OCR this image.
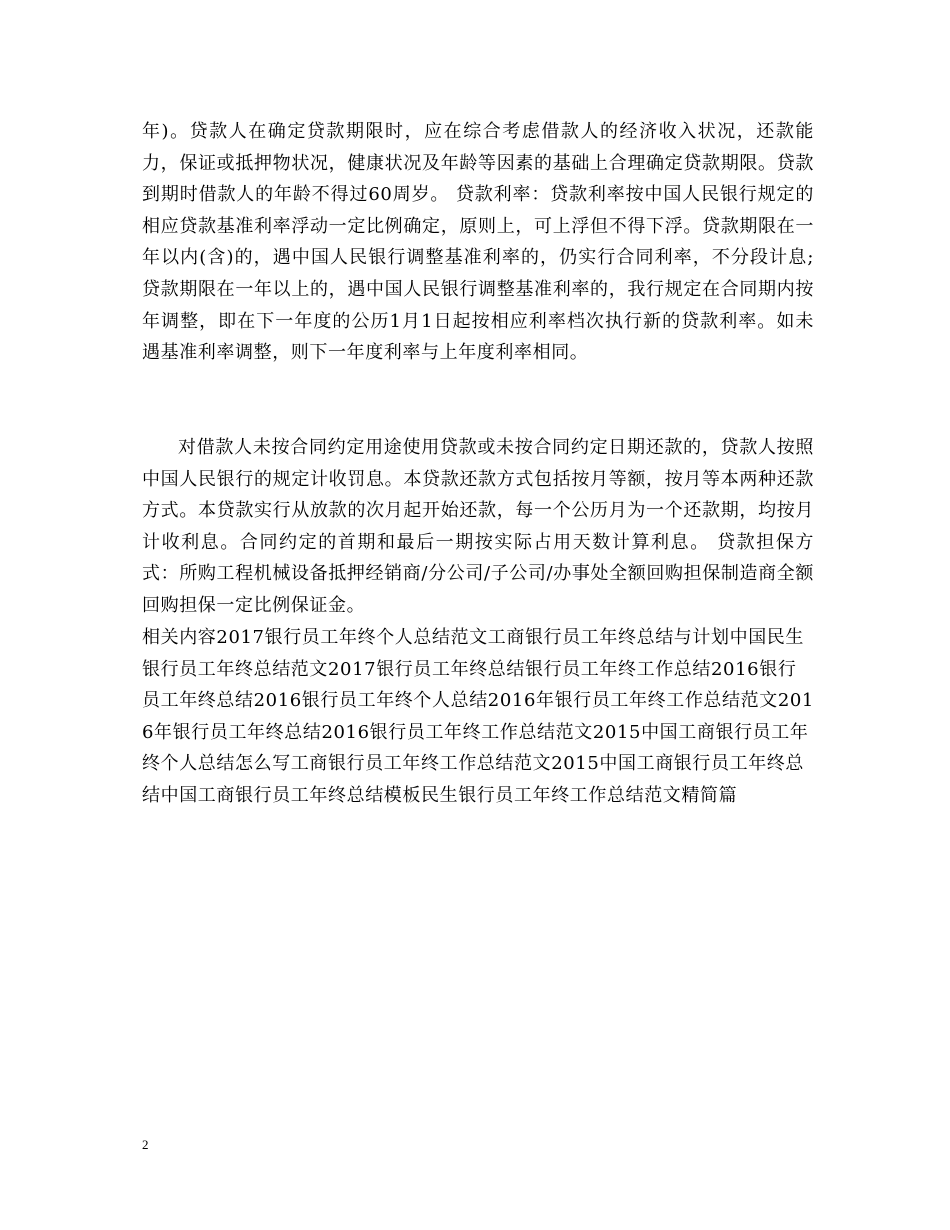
年)。贷款人在确定贷款期限时，应在综合考虑借款人的经济收入状况，还款能力，保证或抵押物状况，健康状况及年龄等因素的基础上合理确定贷款期限。贷款到期时借款人的年龄不得过60周岁。 贷款利率：贷款利率按中国人民银行规定的相应贷款基准利率浮动一定比例确定，原则上，可上浮但不得下浮。贷款期限在一年以内(含)的，遇中国人民银行调整基准利率的，仍实行合同利率，不分段计息;贷款期限在一年以上的，遇中国人民银行调整基准利率的，我行规定在合同期内按年调整，即在下一年度的公历1月1日起按相应利率档次执行新的贷款利率。如未遇基准利率调整，则下一年度利率与上年度利率相同。

对借款人未按合同约定用途使用贷款或未按合同约定日期还款的，贷款人按照中国人民银行的规定计收罚息。本贷款还款方式包括按月等额，按月等本两种还款方式。本贷款实行从放款的次月起开始还款，每一个公历月为一个还款期，均按月计收利息。合同约定的首期和最后一期按实际占用天数计算利息。 贷款担保方式：所购工程机械设备抵押经销商/分公司/子公司/办事处全额回购担保制造商全额回购担保一定比例保证金。

相关内容2017银行员工年终个人总结范文工商银行员工年终总结与计划中国民生银行员工年终总结范文2017银行员工年终总结银行员工年终工作总结2016银行员工年终总结2016银行员工年终个人总结2016年银行员工年终工作总结范文2016年银行员工年终总结2016银行员工年终工作总结范文2015中国工商银行员工年终个人总结怎么写工商银行员工年终工作总结范文2015中国工商银行员工年终总结中国工商银行员工年终总结模板民生银行员工年终工作总结范文精简篇

2
